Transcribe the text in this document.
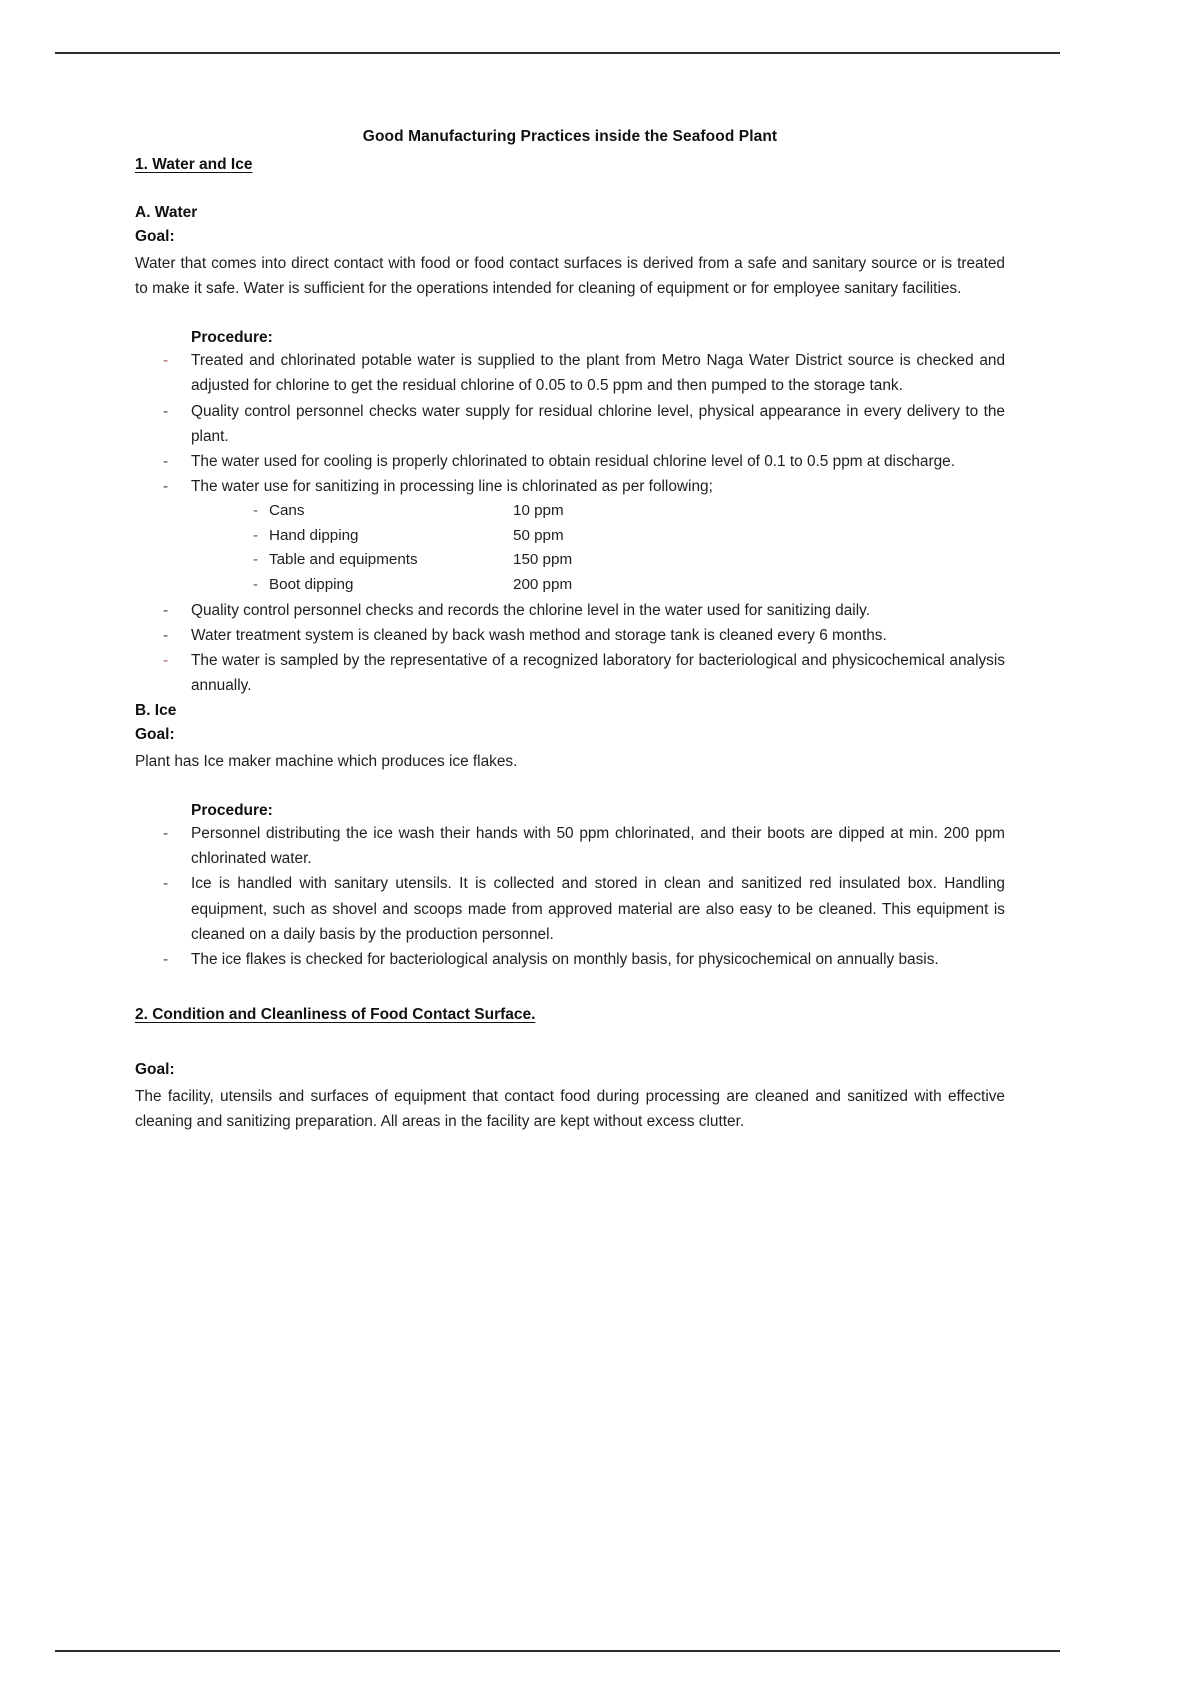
Good Manufacturing Practices inside the Seafood Plant
1. Water and Ice
A. Water
Goal:

Water that comes into direct contact with food or food contact surfaces is derived from a safe and sanitary source or is treated to make it safe. Water is sufficient for the operations intended for cleaning of equipment or for employee sanitary facilities.

Procedure:
- Treated and chlorinated potable water is supplied to the plant from Metro Naga Water District source is checked and adjusted for chlorine to get the residual chlorine of 0.05 to 0.5 ppm and then pumped to the storage tank.
- Quality control personnel checks water supply for residual chlorine level, physical appearance in every delivery to the plant.
- The water used for cooling is properly chlorinated to obtain residual chlorine level of 0.1 to 0.5 ppm at discharge.
- The water use for sanitizing in processing line is chlorinated as per following;
- Cans	10 ppm
- Hand dipping	50 ppm
- Table and equipments	150 ppm
- Boot dipping	200 ppm
- Quality control personnel checks and records the chlorine level in the water used for sanitizing daily.
- Water treatment system is cleaned by back wash method and storage tank is cleaned every 6 months.
- The water is sampled by the representative of a recognized laboratory for bacteriological and physicochemical analysis annually.
B. Ice
Goal:

Plant has Ice maker machine which produces ice flakes.

Procedure:
- Personnel distributing the ice wash their hands with 50 ppm chlorinated, and their boots are dipped at min. 200 ppm chlorinated water.
- Ice is handled with sanitary utensils. It is collected and stored in clean and sanitized red insulated box. Handling equipment, such as shovel and scoops made from approved material are also easy to be cleaned. This equipment is cleaned on a daily basis by the production personnel.
- The ice flakes is checked for bacteriological analysis on monthly basis, for physicochemical on annually basis.
2. Condition and Cleanliness of Food Contact Surface.
Goal:

The facility, utensils and surfaces of equipment that contact food during processing are cleaned and sanitized with effective cleaning and sanitizing preparation. All areas in the facility are kept without excess clutter.
